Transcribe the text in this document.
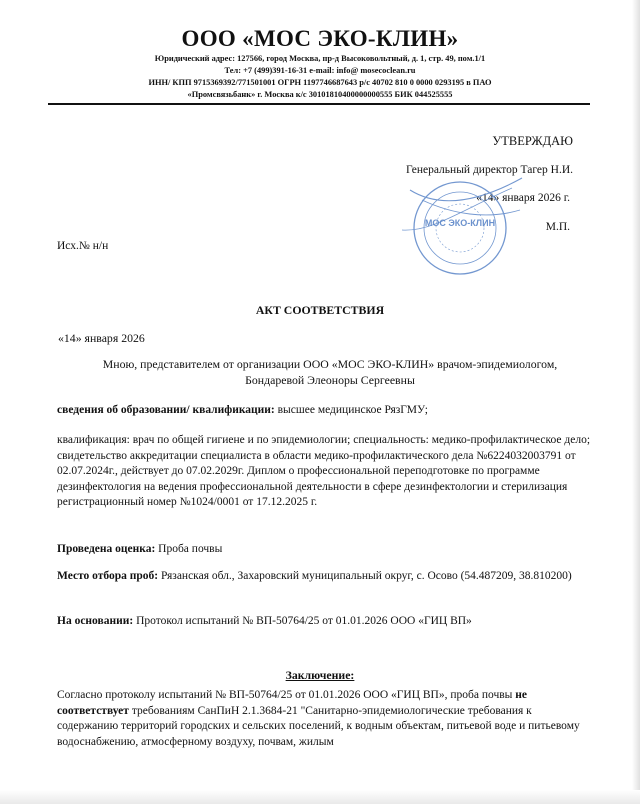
ООО «МОС ЭКО-КЛИН»

Юридический адрес: 127566, город Москва, пр-д Высоковольтный, д. 1, стр. 49, пом.1/1

Тел: +7 (499)391-16-31 e-mail: info@ mosecoclean.ru

ИНН/ КПП 9715369392/771501001 ОГРН 1197746687643 р/с 40702 810 0 0000 0293195 в ПАО

«Промсвязьбанк» г. Москва к/с 30101810400000000555 БИК 044525555

УТВЕРЖДАЮ
Генеральный директор Тагер Н.И.
«14» января 2026 г.
М.П.
МОС ЭКО-КЛИН
Исх.№ н/н
АКТ СООТВЕТСТВИЯ
«14» января 2026
Мною, представителем от организации ООО «МОС ЭКО-КЛИН» врачом-эпидемиологом, Бондаревой Элеоноры Сергеевны
сведения об образовании/ квалификации: высшее медицинское РязГМУ;
квалификация: врач по общей гигиене и по эпидемиологии; специальность: медико-профилактическое дело; свидетельство аккредитации специалиста в области медико-профилактического дела №6224032003791 от 02.07.2024г., действует до 07.02.2029г. Диплом о профессиональной переподготовке по программе дезинфектология на ведения профессиональной деятельности в сфере дезинфектологии и стерилизация регистрационный номер №1024/0001 от 17.12.2025 г.
Проведена оценка: Проба почвы
Место отбора проб: Рязанская обл., Захаровский муниципальный округ, с. Осово (54.487209, 38.810200)
На основании: Протокол испытаний № ВП-50764/25 от 01.01.2026 ООО «ГИЦ ВП»
Заключение:
Согласно протоколу испытаний № ВП-50764/25 от 01.01.2026 ООО «ГИЦ ВП», проба почвы не соответствует требованиям СанПиН 2.1.3684-21 "Санитарно-эпидемиологические требования к содержанию территорий городских и сельских поселений, к водным объектам, питьевой воде и питьевому водоснабжению, атмосферному воздуху, почвам, жилым
